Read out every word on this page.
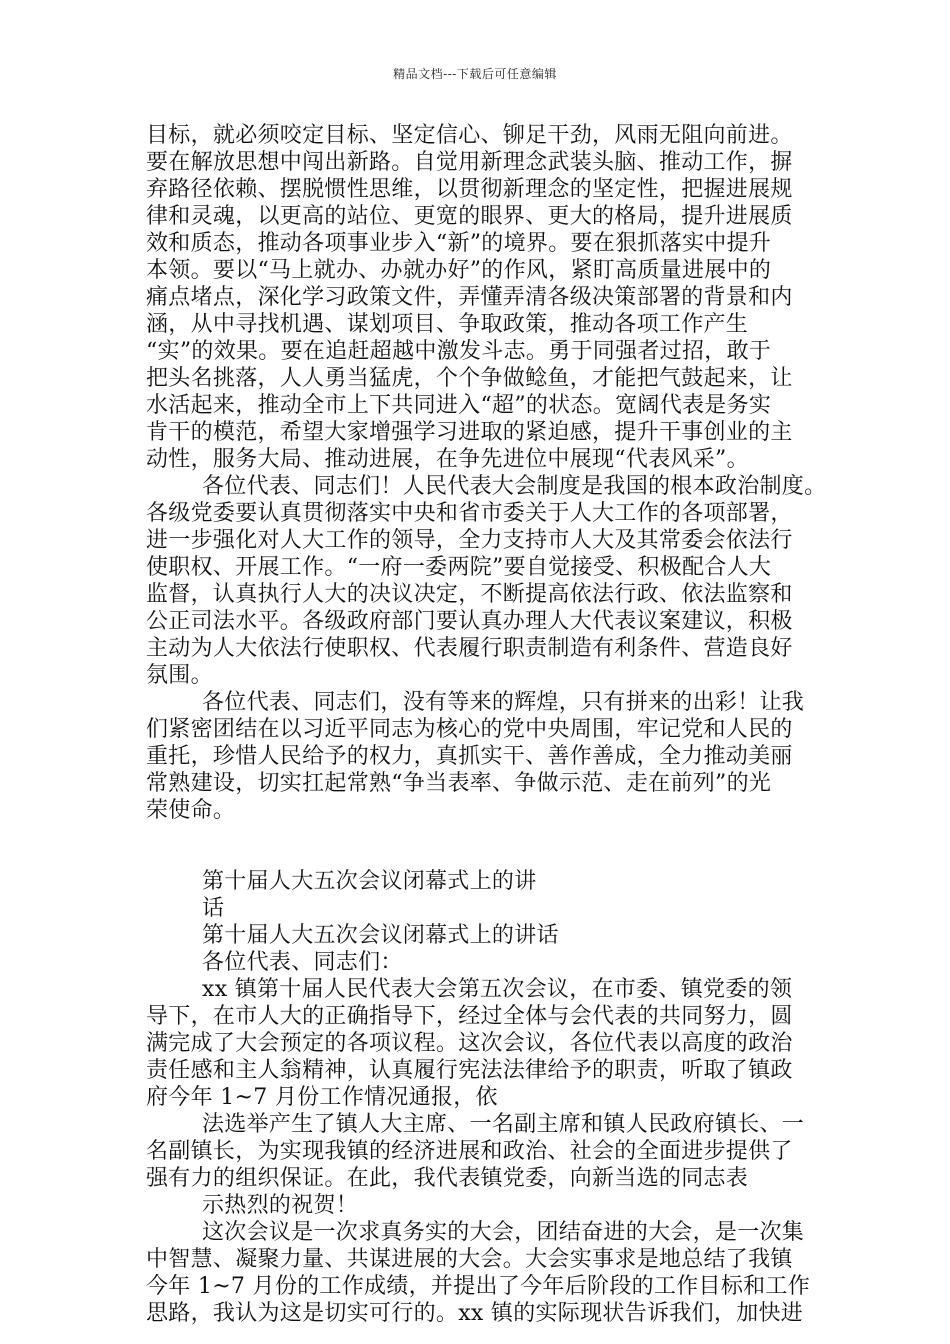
精品文档---下载后可任意编辑
目标，就必须咬定目标、坚定信心、铆足干劲，风雨无阻向前进。
要在解放思想中闯出新路。自觉用新理念武装头脑、推动工作，摒
弃路径依赖、摆脱惯性思维，以贯彻新理念的坚定性，把握进展规
律和灵魂，以更高的站位、更宽的眼界、更大的格局，提升进展质
效和质态，推动各项事业步入“新”的境界。要在狠抓落实中提升
本领。要以“马上就办、办就办好”的作风，紧盯高质量进展中的
痛点堵点，深化学习政策文件，弄懂弄清各级决策部署的背景和内
涵，从中寻找机遇、谋划项目、争取政策，推动各项工作产生
“实”的效果。要在追赶超越中激发斗志。勇于同强者过招，敢于
把头名挑落，人人勇当猛虎，个个争做鲶鱼，才能把气鼓起来，让
水活起来，推动全市上下共同进入“超”的状态。宽阔代表是务实
肯干的模范，希望大家增强学习进取的紧迫感，提升干事创业的主
动性，服务大局、推动进展，在争先进位中展现“代表风采”。
各位代表、同志们！人民代表大会制度是我国的根本政治制度。
各级党委要认真贯彻落实中央和省市委关于人大工作的各项部署，
进一步强化对人大工作的领导，全力支持市人大及其常委会依法行
使职权、开展工作。“一府一委两院”要自觉接受、积极配合人大
监督，认真执行人大的决议决定，不断提高依法行政、依法监察和
公正司法水平。各级政府部门要认真办理人大代表议案建议，积极
主动为人大依法行使职权、代表履行职责制造有利条件、营造良好
氛围。
各位代表、同志们，没有等来的辉煌，只有拼来的出彩！让我
们紧密团结在以习近平同志为核心的党中央周围，牢记党和人民的
重托，珍惜人民给予的权力，真抓实干、善作善成，全力推动美丽
常熟建设，切实扛起常熟“争当表率、争做示范、走在前列”的光
荣使命。
第十届人大五次会议闭幕式上的讲
话
第十届人大五次会议闭幕式上的讲话
各位代表、同志们：
xx 镇第十届人民代表大会第五次会议，在市委、镇党委的领
导下，在市人大的正确指导下，经过全体与会代表的共同努力，圆
满完成了大会预定的各项议程。这次会议，各位代表以高度的政治
责任感和主人翁精神，认真履行宪法法律给予的职责，听取了镇政
府今年 1~7 月份工作情况通报，依
法选举产生了镇人大主席、一名副主席和镇人民政府镇长、一
名副镇长，为实现我镇的经济进展和政治、社会的全面进步提供了
强有力的组织保证。在此，我代表镇党委，向新当选的同志表
示热烈的祝贺！
这次会议是一次求真务实的大会，团结奋进的大会，是一次集
中智慧、凝聚力量、共谋进展的大会。大会实事求是地总结了我镇
今年 1~7 月份的工作成绩，并提出了今年后阶段的工作目标和工作
思路，我认为这是切实可行的。xx 镇的实际现状告诉我们，加快进
